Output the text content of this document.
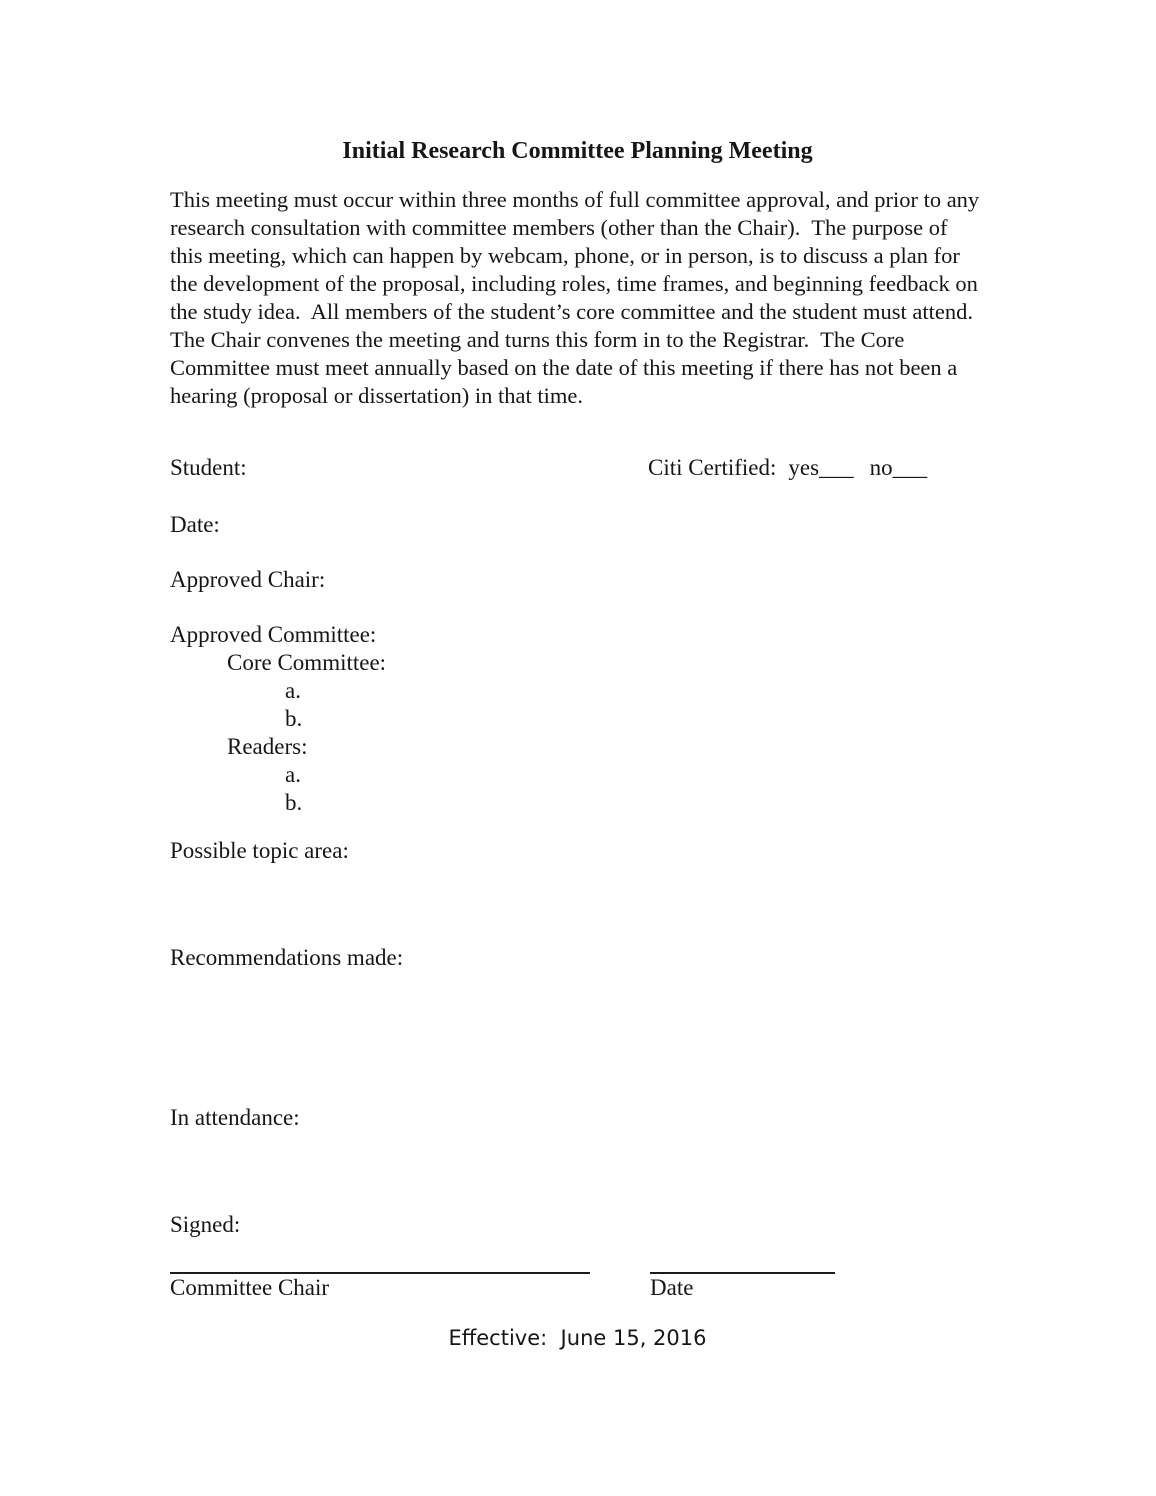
Initial Research Committee Planning Meeting

This meeting must occur within three months of full committee approval, and prior to any research consultation with committee members (other than the Chair).  The purpose of this meeting, which can happen by webcam, phone, or in person, is to discuss a plan for the development of the proposal, including roles, time frames, and beginning feedback on the study idea.  All members of the student’s core committee and the student must attend.  The Chair convenes the meeting and turns this form in to the Registrar.  The Core Committee must meet annually based on the date of this meeting if there has not been a hearing (proposal or dissertation) in that time.

Student:	Citi Certified: yes___ no___
Date:
Approved Chair:
Approved Committee:
Core Committee:
a.
b.
Readers:
a.
b.
Possible topic area:
Recommendations made:
In attendance:
Signed:
Committee Chair	Date
Effective:  June 15, 2016
